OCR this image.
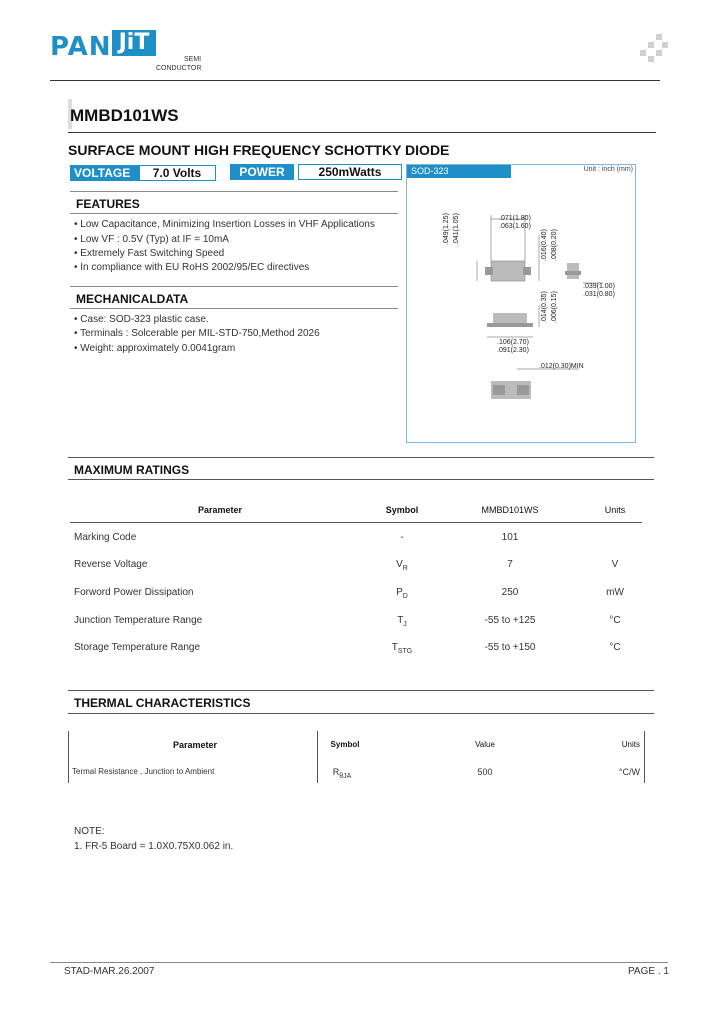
PAN JiT
SEMI
CONDUCTOR
MMBD101WS
SURFACE MOUNT HIGH FREQUENCY SCHOTTKY DIODE
VOLTAGE	7.0 Volts	POWER	250mWatts
FEATURES
• Low Capacitance, Minimizing Insertion Losses in VHF Applications
• Low VF : 0.5V (Typ) at IF = 10mA
• Extremely Fast Switching Speed
• In compliance with EU RoHS 2002/95/EC directives
MECHANICALDATA
• Case: SOD-323 plastic case.
• Terminals : Solcerable per MIL-STD-750,Method 2026
• Weight: approximately 0.0041gram
SOD-323	Unit : inch (mm)
.071(1.80)
.063(1.60)
.049(1.25) .041(1.05)
.016(0.40) .008(0.20)
.039(1.00)
.031(0.80)
.014(0.35) .006(0.15)
.106(2.70)
.091(2.30)
.012(0.30)MIN
MAXIMUM RATINGS
Parameter	Symbol	MMBD101WS	Units
Marking Code	-	101
Reverse Voltage	$V_R$	7	V
Forword Power Dissipation	$P_D$	250	mW
Junction Temperature Range	$T_J$	-55 to +125	°C
Storage Temperature Range	$T_{STG}$	-55 to +150	°C
THERMAL CHARACTERISTICS
Parameter	Symbol	Value	Units
Termal Resistance , Junction to Ambient	$R_{\theta JA}$	500	°C/W
NOTE:
1. FR-5 Board = 1.0X0.75X0.062 in.
STAD-MAR.26.2007	PAGE . 1
